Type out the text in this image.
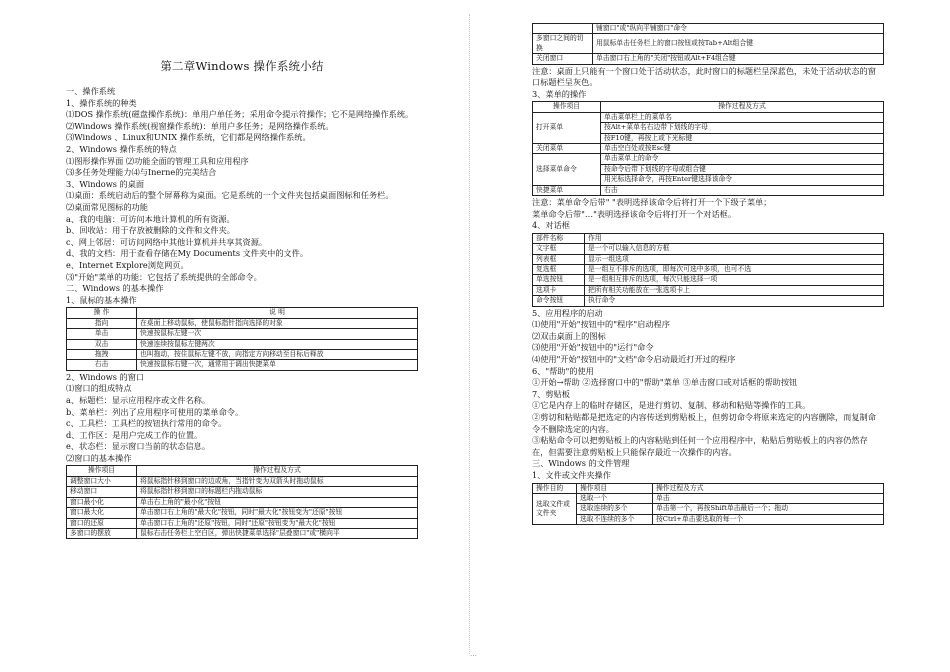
第二章Windows 操作系统小结
一、操作系统
1、操作系统的种类
⑴DOS 操作系统(磁盘操作系统)：单用户单任务；采用命令提示符操作；它不是网络操作系统。
⑵Windows 操作系统(视窗操作系统)：单用户多任务；是网络操作系统。
⑶Windows 、Linux和UNIX 操作系统，它们都是网络操作系统。
2、Windows 操作系统的特点
⑴图形操作界面 ⑵功能全面的管理工具和应用程序
⑶多任务处理能力⑷与Inerne的完美结合
3、Windows 的桌面
⑴桌面：系统启动后的整个屏幕称为桌面。它是系统的一个文件夹包括桌面图标和任务栏。
⑵桌面常见图标的功能
a、我的电脑：可访问本地计算机的所有资源。
b、回收站：用于存放被删除的文件和文件夹。
c、网上邻居：可访问网络中其他计算机并共享其资源。
d、我的文档：用于查看存储在My Documents 文件夹中的文件。
e、Internet Explore浏览网页。
⑶"开始"菜单的功能：它包括了系统提供的全部命令。
二、Windows 的基本操作
1、鼠标的基本操作
操 作	说 明
指向	在桌面上移动鼠标，使鼠标指针指向选择的对象
单击	快速按鼠标左键一次
双击	快速连续按鼠标左键两次
拖拽	也叫拖动，按住鼠标左键不放，向指定方向移动至目标后释放
右击	快速按鼠标右键一次，通常用于调出快捷菜单
2、Windows 的窗口
⑴窗口的组成特点
a、标题栏：显示应用程序或文件名称。
b、菜单栏：列出了应用程序可使用的菜单命令。
c、工具栏：工具栏的按钮执行常用的命令。
d、工作区：是用户完成工作的位置。
e、状态栏：显示窗口当前的状态信息。
⑵窗口的基本操作
操作项目	操作过程及方式
调整窗口大小	将鼠标指针移到窗口的边或角，当指针变为双箭头时拖动鼠标
移动窗口	将鼠标指针移到窗口的标题栏内拖动鼠标
窗口最小化	单击右上角的"最小化"按钮
窗口最大化	单击窗口右上角的"最大化"按钮，同时"最大化"按钮变为"还原"按钮
窗口的还原	单击窗口右上角的"还原"按钮，同时"还原"按钮变为"最大化"按钮
多窗口的摆放	鼠标右击任务栏上空白区，弹出快捷菜单选择"层叠窗口"或"横向平
	铺窗口"或"纵向平铺窗口"命令
多窗口之间的切换	用鼠标单击任务栏上的窗口按钮或按Tab+Alt组合键
关闭窗口	单击窗口右上角的"关闭"按钮或Alt+F4组合键
注意：桌面上只能有一个窗口处于活动状态，此时窗口的标题栏呈深蓝色，未处于活动状态的窗口标题栏呈灰色。
3、菜单的操作
操作项目	操作过程及方式
打开菜单	单击菜单栏上的菜单名
	按Alt+菜单名右边带下划线的字母
	按F10键，再按上或下光标键
关闭菜单	单击空白处或按Esc键
选择菜单命令	单击菜单上的命令
	按命令后带下划线的字母或组合键
	用光标选择命令，再按Enter键选择该命令
快捷菜单	右击
注意：菜单命令后带" "表明选择该命令后将打开一个下级子菜单；
菜单命令后带"…"表明选择该命令后将打开一个对话框。
4、对话框
部件名称	作用
文字框	是一个可以输入信息的方框
列表框	显示一组选项
复选框	是一组互不排斥的选项，即每次可选中多项，也可不选
单选按钮	是一组相互排斥的选项，每次只能选择一项
选项卡	把所有相关功能放在一张选项卡上
命令按钮	执行命令
5、应用程序的启动
⑴使用"开始"按钮中的"程序"启动程序
⑵双击桌面上的图标
⑶使用"开始"按钮中的"运行"命令
⑷使用"开始"按钮中的"文档"命令启动最近打开过的程序
6、"帮助"的使用
①开始→帮助 ②选择窗口中的"帮助"菜单 ③单击窗口或对话框的帮助按钮
7、剪贴板
①它是内存上的临时存储区，是进行剪切、复制、移动和粘贴等操作的工具。
②剪切和粘贴都是把选定的内容传送到剪贴板上，但剪切命令将原来选定的内容删除，而复制命令不删除选定的内容。
③粘贴命令可以把剪贴板上的内容粘贴到任何一个应用程序中，粘贴后剪贴板上的内容仍然存在，但需要注意剪贴板上只能保存最近一次操作的内容。
三、Windows 的文件管理
1、文件或文件夹操作
操作目的	操作项目	操作过程及方式
选取文件或文件夹	选取一个	单击
	选取连续的多个	单击第一个，再按Shift单击最后一个；拖动
	选取不连续的多个	按Ctrl+单击要选取的每一个
…
